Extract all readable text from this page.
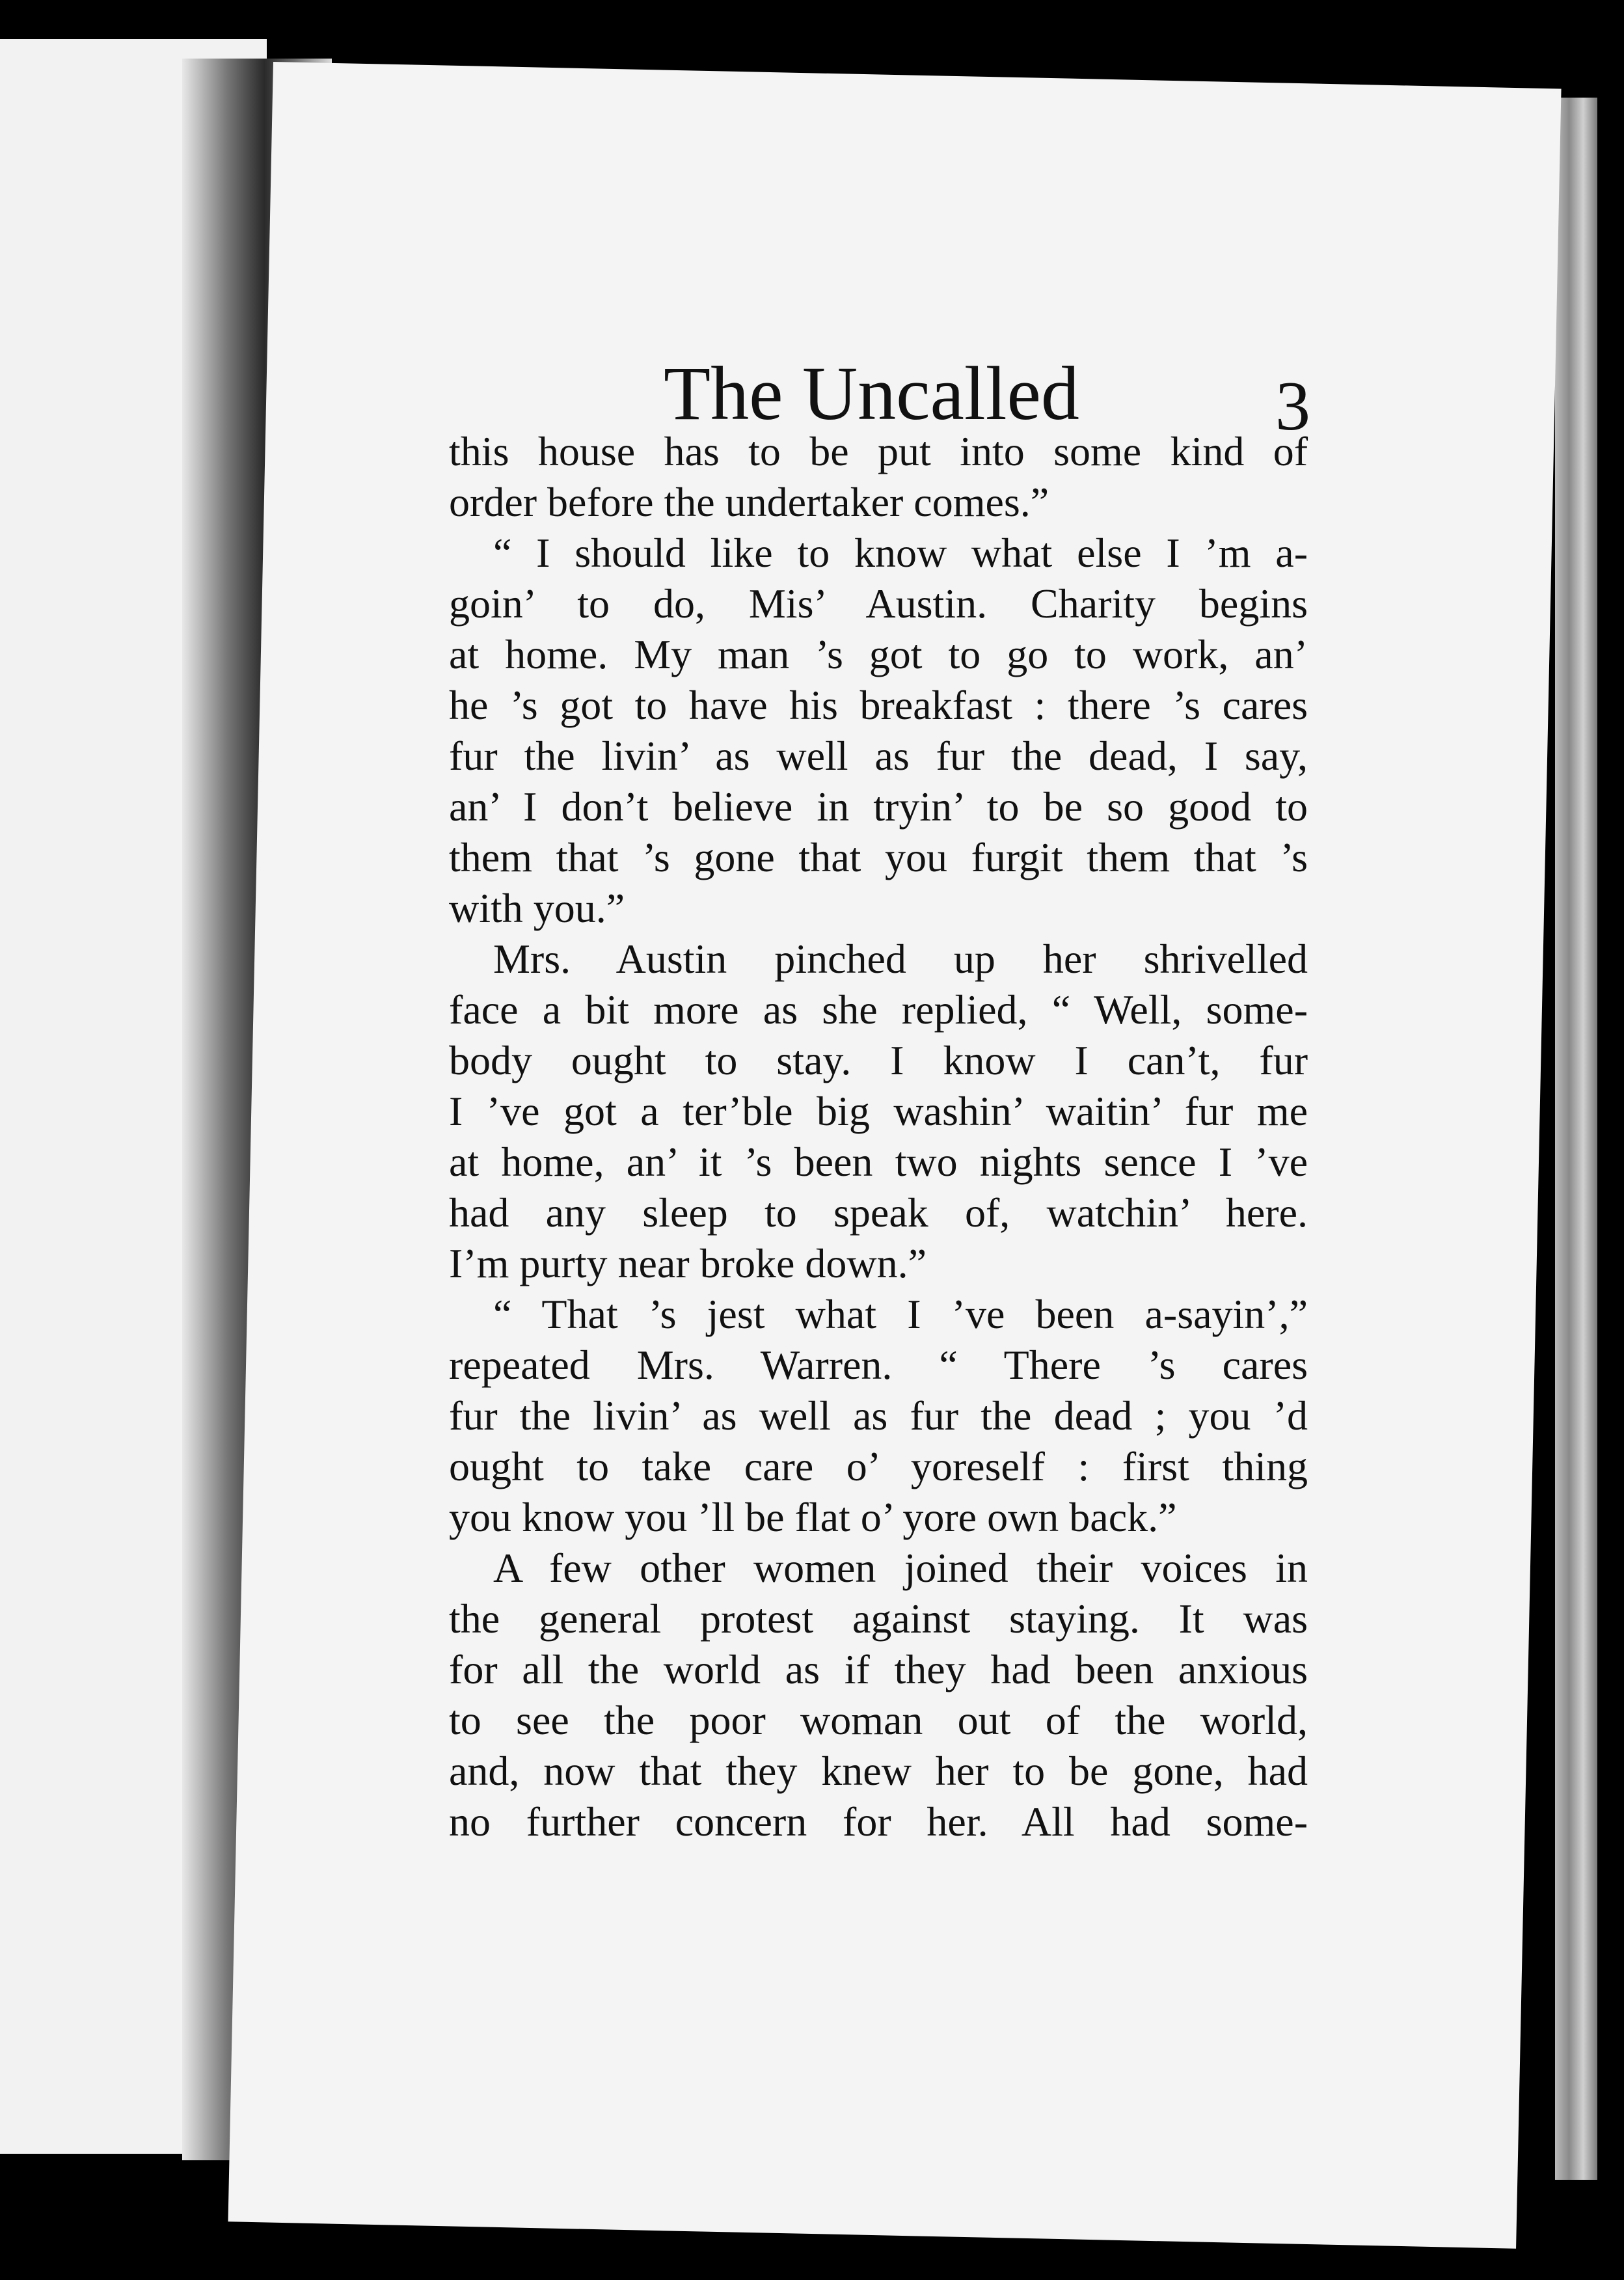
The Uncalled	3
this house has to be put into some kind of
order before the undertaker comes.”
“ I should like to know what else I ’m a-
goin’ to do, Mis’ Austin. Charity begins
at home. My man ’s got to go to work, an’
he ’s got to have his breakfast : there ’s cares
fur the livin’ as well as fur the dead, I say,
an’ I don’t believe in tryin’ to be so good to
them that ’s gone that you furgit them that ’s
with you.”
Mrs. Austin pinched up her shrivelled
face a bit more as she replied, “ Well, some-
body ought to stay. I know I can’t, fur
I ’ve got a ter’ble big washin’ waitin’ fur me
at home, an’ it ’s been two nights sence I ’ve
had any sleep to speak of, watchin’ here.
I’m purty near broke down.”
“ That ’s jest what I ’ve been a-sayin’,”
repeated Mrs. Warren. “ There ’s cares
fur the livin’ as well as fur the dead ; you ’d
ought to take care o’ yoreself : first thing
you know you ’ll be flat o’ yore own back.”
A few other women joined their voices in
the general protest against staying. It was
for all the world as if they had been anxious
to see the poor woman out of the world,
and, now that they knew her to be gone, had
no further concern for her. All had some-
